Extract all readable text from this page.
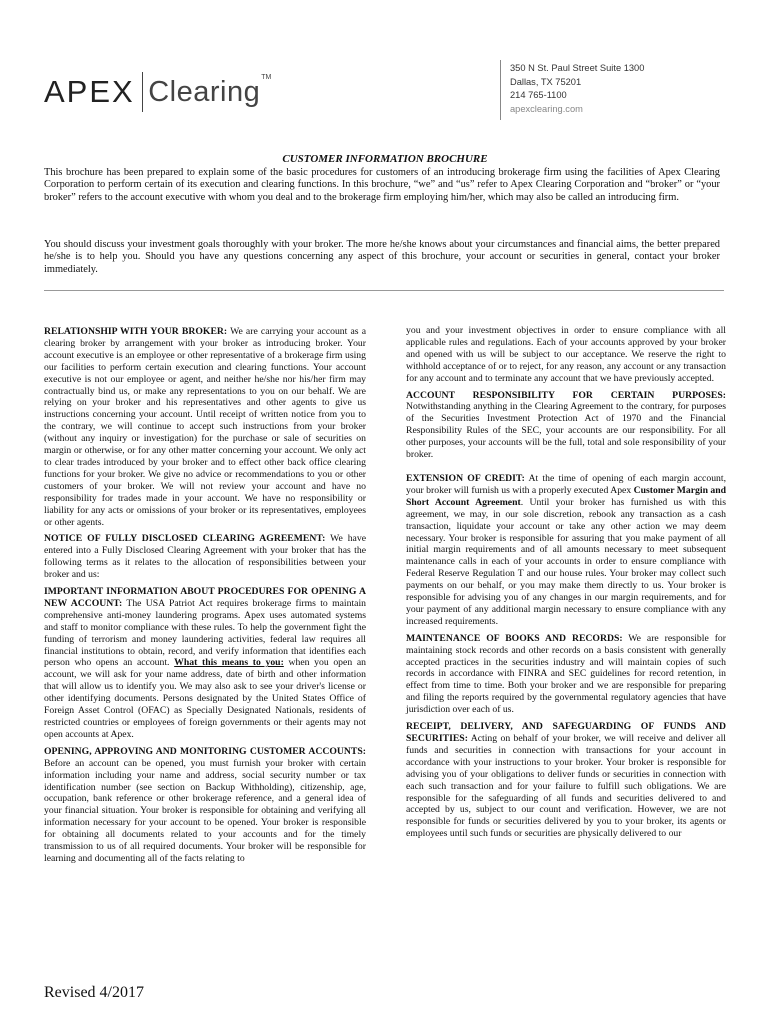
APEX Clearing TM
350 N St. Paul Street Suite 1300
Dallas, TX 75201
214 765-1100
apexclearing.com
CUSTOMER INFORMATION BROCHURE
This brochure has been prepared to explain some of the basic procedures for customers of an introducing brokerage firm using the facilities of Apex Clearing Corporation to perform certain of its execution and clearing functions. In this brochure, “we” and “us” refer to Apex Clearing Corporation and “broker” or “your broker” refers to the account executive with whom you deal and to the brokerage firm employing him/her, which may also be called an introducing firm.
You should discuss your investment goals thoroughly with your broker. The more he/she knows about your circumstances and financial aims, the better prepared he/she is to help you. Should you have any questions concerning any aspect of this brochure, your account or securities in general, contact your broker immediately.

RELATIONSHIP WITH YOUR BROKER: We are carrying your account as a clearing broker by arrangement with your broker as introducing broker. Your account executive is an employee or other representative of a brokerage firm using our facilities to perform certain execution and clearing functions. Your account executive is not our employee or agent, and neither he/she nor his/her firm may contractually bind us, or make any representations to you on our behalf. We are relying on your broker and his representatives and other agents to give us instructions concerning your account. Until receipt of written notice from you to the contrary, we will continue to accept such instructions from your broker (without any inquiry or investigation) for the purchase or sale of securities on margin or otherwise, or for any other matter concerning your account. We only act to clear trades introduced by your broker and to effect other back office clearing functions for your broker. We give no advice or recommendations to you or other customers of your broker. We will not review your account and have no responsibility for trades made in your account. We have no responsibility or liability for any acts or omissions of your broker or its representatives, employees or other agents.

NOTICE OF FULLY DISCLOSED CLEARING AGREEMENT: We have entered into a Fully Disclosed Clearing Agreement with your broker that has the following terms as it relates to the allocation of responsibilities between your broker and us:

IMPORTANT INFORMATION ABOUT PROCEDURES FOR OPENING A NEW ACCOUNT: The USA Patriot Act requires brokerage firms to maintain comprehensive anti-money laundering programs. Apex uses automated systems and staff to monitor compliance with these rules. To help the government fight the funding of terrorism and money laundering activities, federal law requires all financial institutions to obtain, record, and verify information that identifies each person who opens an account. What this means to you: when you open an account, we will ask for your name address, date of birth and other information that will allow us to identify you. We may also ask to see your driver's license or other identifying documents. Persons designated by the United States Office of Foreign Asset Control (OFAC) as Specially Designated Nationals, residents of restricted countries or employees of foreign governments or their agents may not open accounts at Apex.

OPENING, APPROVING AND MONITORING CUSTOMER ACCOUNTS: Before an account can be opened, you must furnish your broker with certain information including your name and address, social security number or tax identification number (see section on Backup Withholding), citizenship, age, occupation, bank reference or other brokerage reference, and a general idea of your financial situation. Your broker is responsible for obtaining and verifying all information necessary for your account to be opened. Your broker is responsible for obtaining all documents related to your accounts and for the timely transmission to us of all required documents. Your broker will be responsible for learning and documenting all of the facts relating to

you and your investment objectives in order to ensure compliance with all applicable rules and regulations. Each of your accounts approved by your broker and opened with us will be subject to our acceptance. We reserve the right to withhold acceptance of or to reject, for any reason, any account or any transaction for any account and to terminate any account that we have previously accepted.

ACCOUNT RESPONSIBILITY FOR CERTAIN PURPOSES: Notwithstanding anything in the Clearing Agreement to the contrary, for purposes of the Securities Investment Protection Act of 1970 and the Financial Responsibility Rules of the SEC, your accounts are our responsibility. For all other purposes, your accounts will be the full, total and sole responsibility of your broker.

EXTENSION OF CREDIT: At the time of opening of each margin account, your broker will furnish us with a properly executed Apex Customer Margin and Short Account Agreement. Until your broker has furnished us with this agreement, we may, in our sole discretion, rebook any transaction as a cash transaction, liquidate your account or take any other action we may deem necessary. Your broker is responsible for assuring that you make payment of all initial margin requirements and of all amounts necessary to meet subsequent maintenance calls in each of your accounts in order to ensure compliance with Federal Reserve Regulation T and our house rules. Your broker may collect such payments on our behalf, or you may make them directly to us. Your broker is responsible for advising you of any changes in our margin requirements, and for your payment of any additional margin necessary to ensure compliance with any increased requirements.

MAINTENANCE OF BOOKS AND RECORDS: We are responsible for maintaining stock records and other records on a basis consistent with generally accepted practices in the securities industry and will maintain copies of such records in accordance with FINRA and SEC guidelines for record retention, in effect from time to time. Both your broker and we are responsible for preparing and filing the reports required by the governmental regulatory agencies that have jurisdiction over each of us.

RECEIPT, DELIVERY, AND SAFEGUARDING OF FUNDS AND SECURITIES: Acting on behalf of your broker, we will receive and deliver all funds and securities in connection with transactions for your account in accordance with your instructions to your broker. Your broker is responsible for advising you of your obligations to deliver funds or securities in connection with each such transaction and for your failure to fulfill such obligations. We are responsible for the safeguarding of all funds and securities delivered to and accepted by us, subject to our count and verification. However, we are not responsible for funds or securities delivered by you to your broker, its agents or employees until such funds or securities are physically delivered to our

Revised 4/2017
